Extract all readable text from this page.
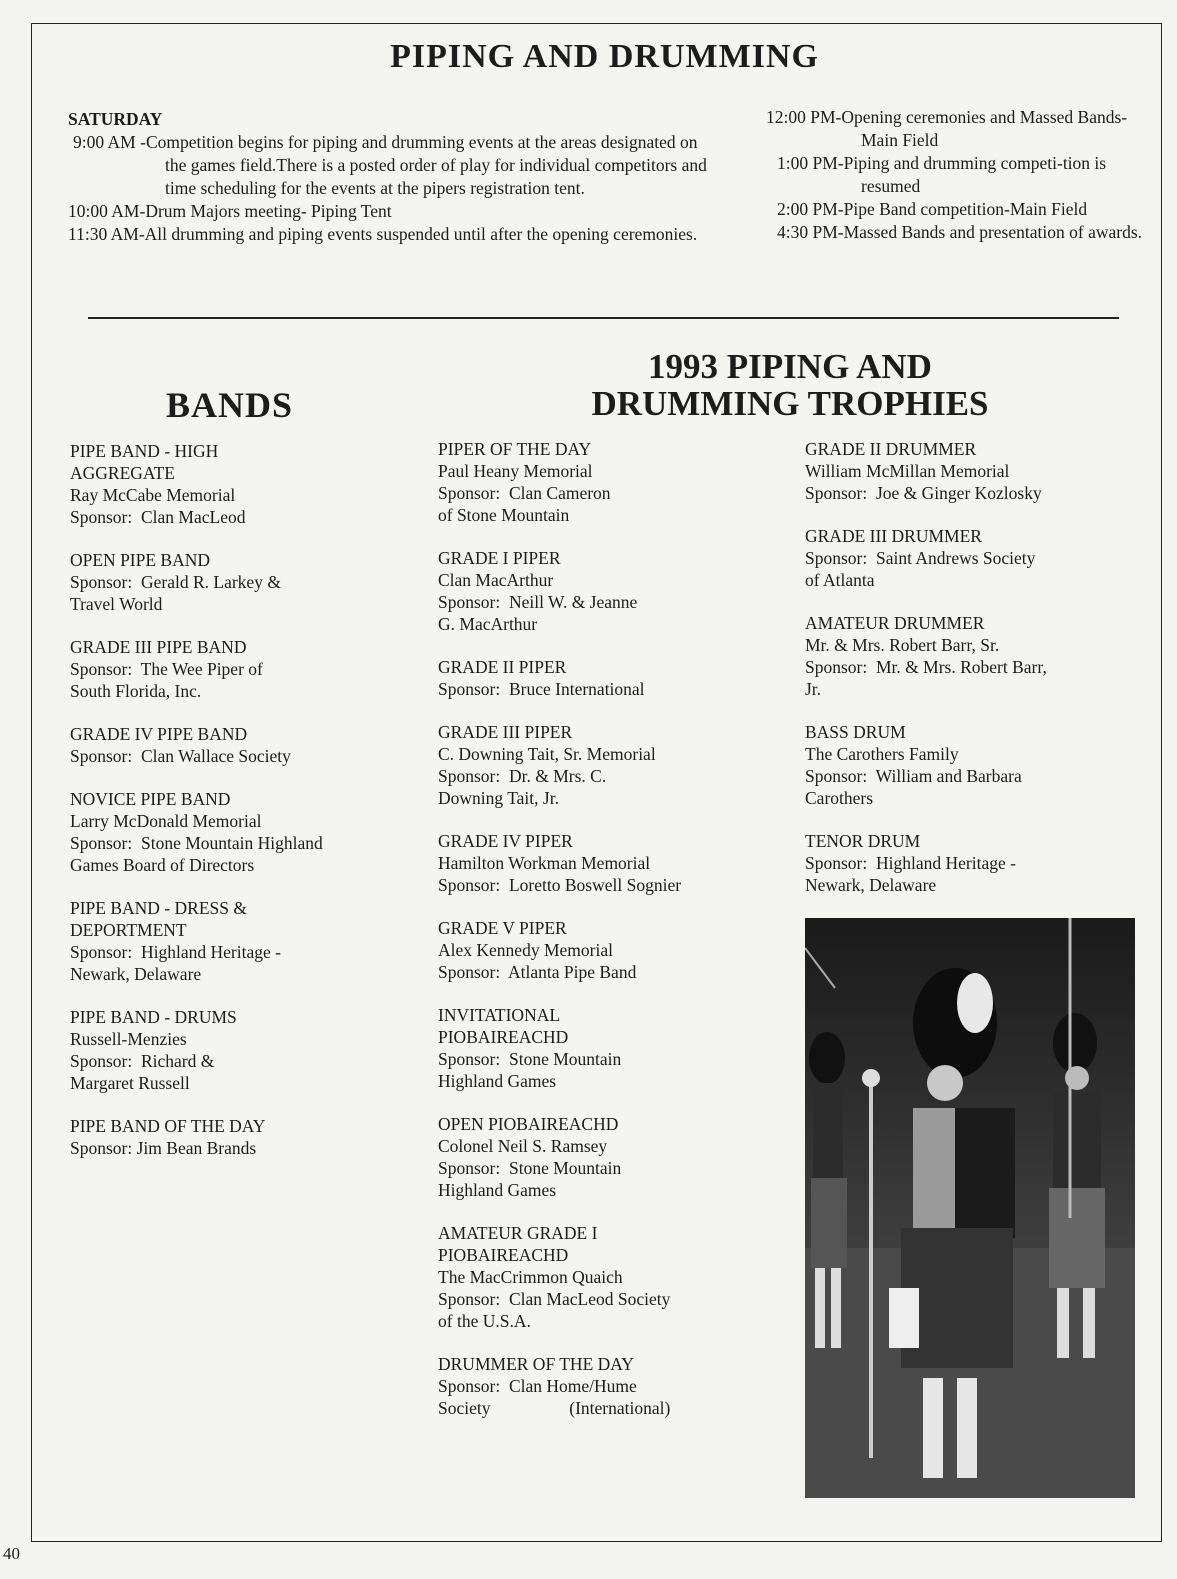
PIPING AND DRUMMING
SATURDAY
9:00 AM -Competition begins for piping and drumming events at the areas designated on the games field.There is a posted order of play for individual competitors and time scheduling for the events at the pipers registration tent.
10:00 AM-Drum Majors meeting- Piping Tent
11:30 AM-All drumming and piping events suspended until after the opening ceremonies.
12:00 PM-Opening ceremonies and Massed Bands-Main Field
1:00 PM-Piping and drumming competi-tion is resumed
2:00 PM-Pipe Band competition-Main Field
4:30 PM-Massed Bands and presentation of awards.
1993 PIPING AND DRUMMING TROPHIES
BANDS
PIPE BAND - HIGH
AGGREGATE
Ray McCabe Memorial
Sponsor:  Clan MacLeod
OPEN PIPE BAND
Sponsor:  Gerald R. Larkey &
Travel World
GRADE III PIPE BAND
Sponsor:  The Wee Piper of
South Florida, Inc.
GRADE IV PIPE BAND
Sponsor:  Clan Wallace Society
NOVICE PIPE BAND
Larry McDonald Memorial
Sponsor:  Stone Mountain Highland
Games Board of Directors
PIPE BAND - DRESS &
DEPORTMENT
Sponsor:  Highland Heritage -
Newark, Delaware
PIPE BAND - DRUMS
Russell-Menzies
Sponsor:  Richard &
Margaret Russell
PIPE BAND OF THE DAY
Sponsor: Jim Bean Brands
PIPER OF THE DAY
Paul Heany Memorial
Sponsor:  Clan Cameron
of Stone Mountain
GRADE I PIPER
Clan MacArthur
Sponsor:  Neill W. & Jeanne
G. MacArthur
GRADE II PIPER
Sponsor:  Bruce International
GRADE III PIPER
C. Downing Tait, Sr. Memorial
Sponsor:  Dr. & Mrs. C.
Downing Tait, Jr.
GRADE IV PIPER
Hamilton Workman Memorial
Sponsor:  Loretto Boswell Sognier
GRADE V PIPER
Alex Kennedy Memorial
Sponsor:  Atlanta Pipe Band
INVITATIONAL
PIOBAIREACHD
Sponsor:  Stone Mountain
Highland Games
OPEN PIOBAIREACHD
Colonel Neil S. Ramsey
Sponsor:  Stone Mountain
Highland Games
AMATEUR GRADE I
PIOBAIREACHD
The MacCrimmon Quaich
Sponsor:  Clan MacLeod Society
of the U.S.A.
DRUMMER OF THE DAY
Sponsor:  Clan Home/Hume
Society                  (International)
GRADE II DRUMMER
William McMillan Memorial
Sponsor:  Joe & Ginger Kozlosky
GRADE III DRUMMER
Sponsor:  Saint Andrews Society
of Atlanta
AMATEUR DRUMMER
Mr. & Mrs. Robert Barr, Sr.
Sponsor:  Mr. & Mrs. Robert Barr,
Jr.
BASS DRUM
The Carothers Family
Sponsor:  William and Barbara
Carothers
TENOR DRUM
Sponsor:  Highland Heritage -
Newark, Delaware
40
